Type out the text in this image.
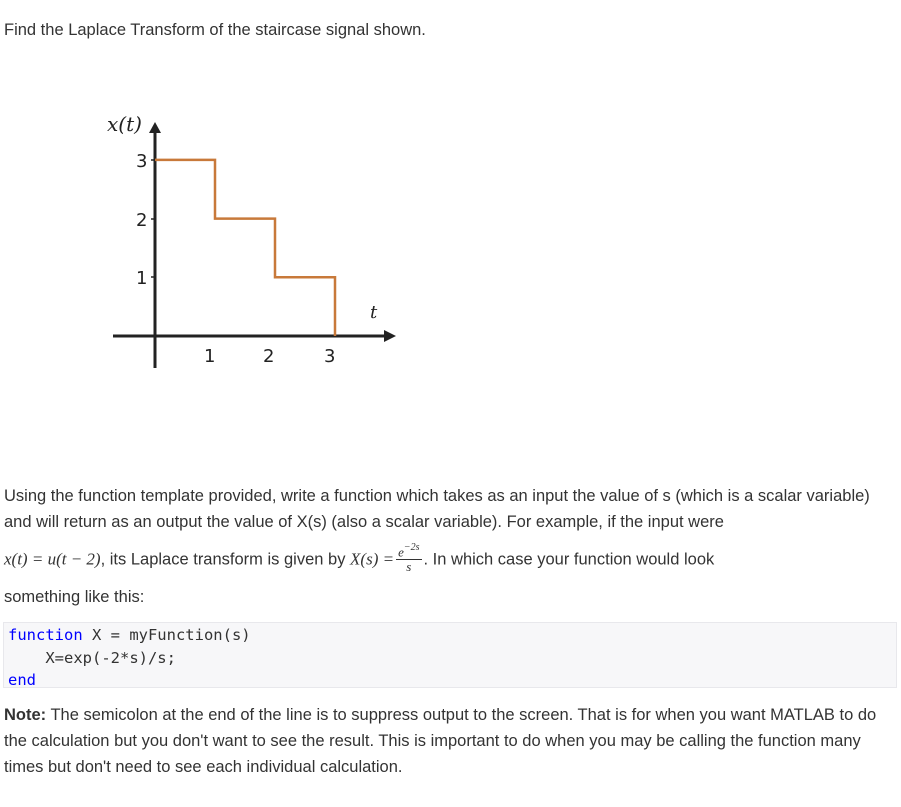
Find the Laplace Transform of the staircase signal shown.

x(t)
t
3
2
1
1	2	3

Using the function template provided, write a function which takes as an input the value of s (which is a scalar variable) and will return as an output the value of X(s) (also a scalar variable). For example, if the input were

x(t) = u(t − 2), its Laplace transform is given by $X(s) = \frac{e^{-2s}}{s}$ . In which case your function would look

something like this:

function X = myFunction(s)
X=exp(-2*s)/s;
end

Note: The semicolon at the end of the line is to suppress output to the screen. That is for when you want MATLAB to do the calculation but you don't want to see the result. This is important to do when you may be calling the function many times but don't need to see each individual calculation.
